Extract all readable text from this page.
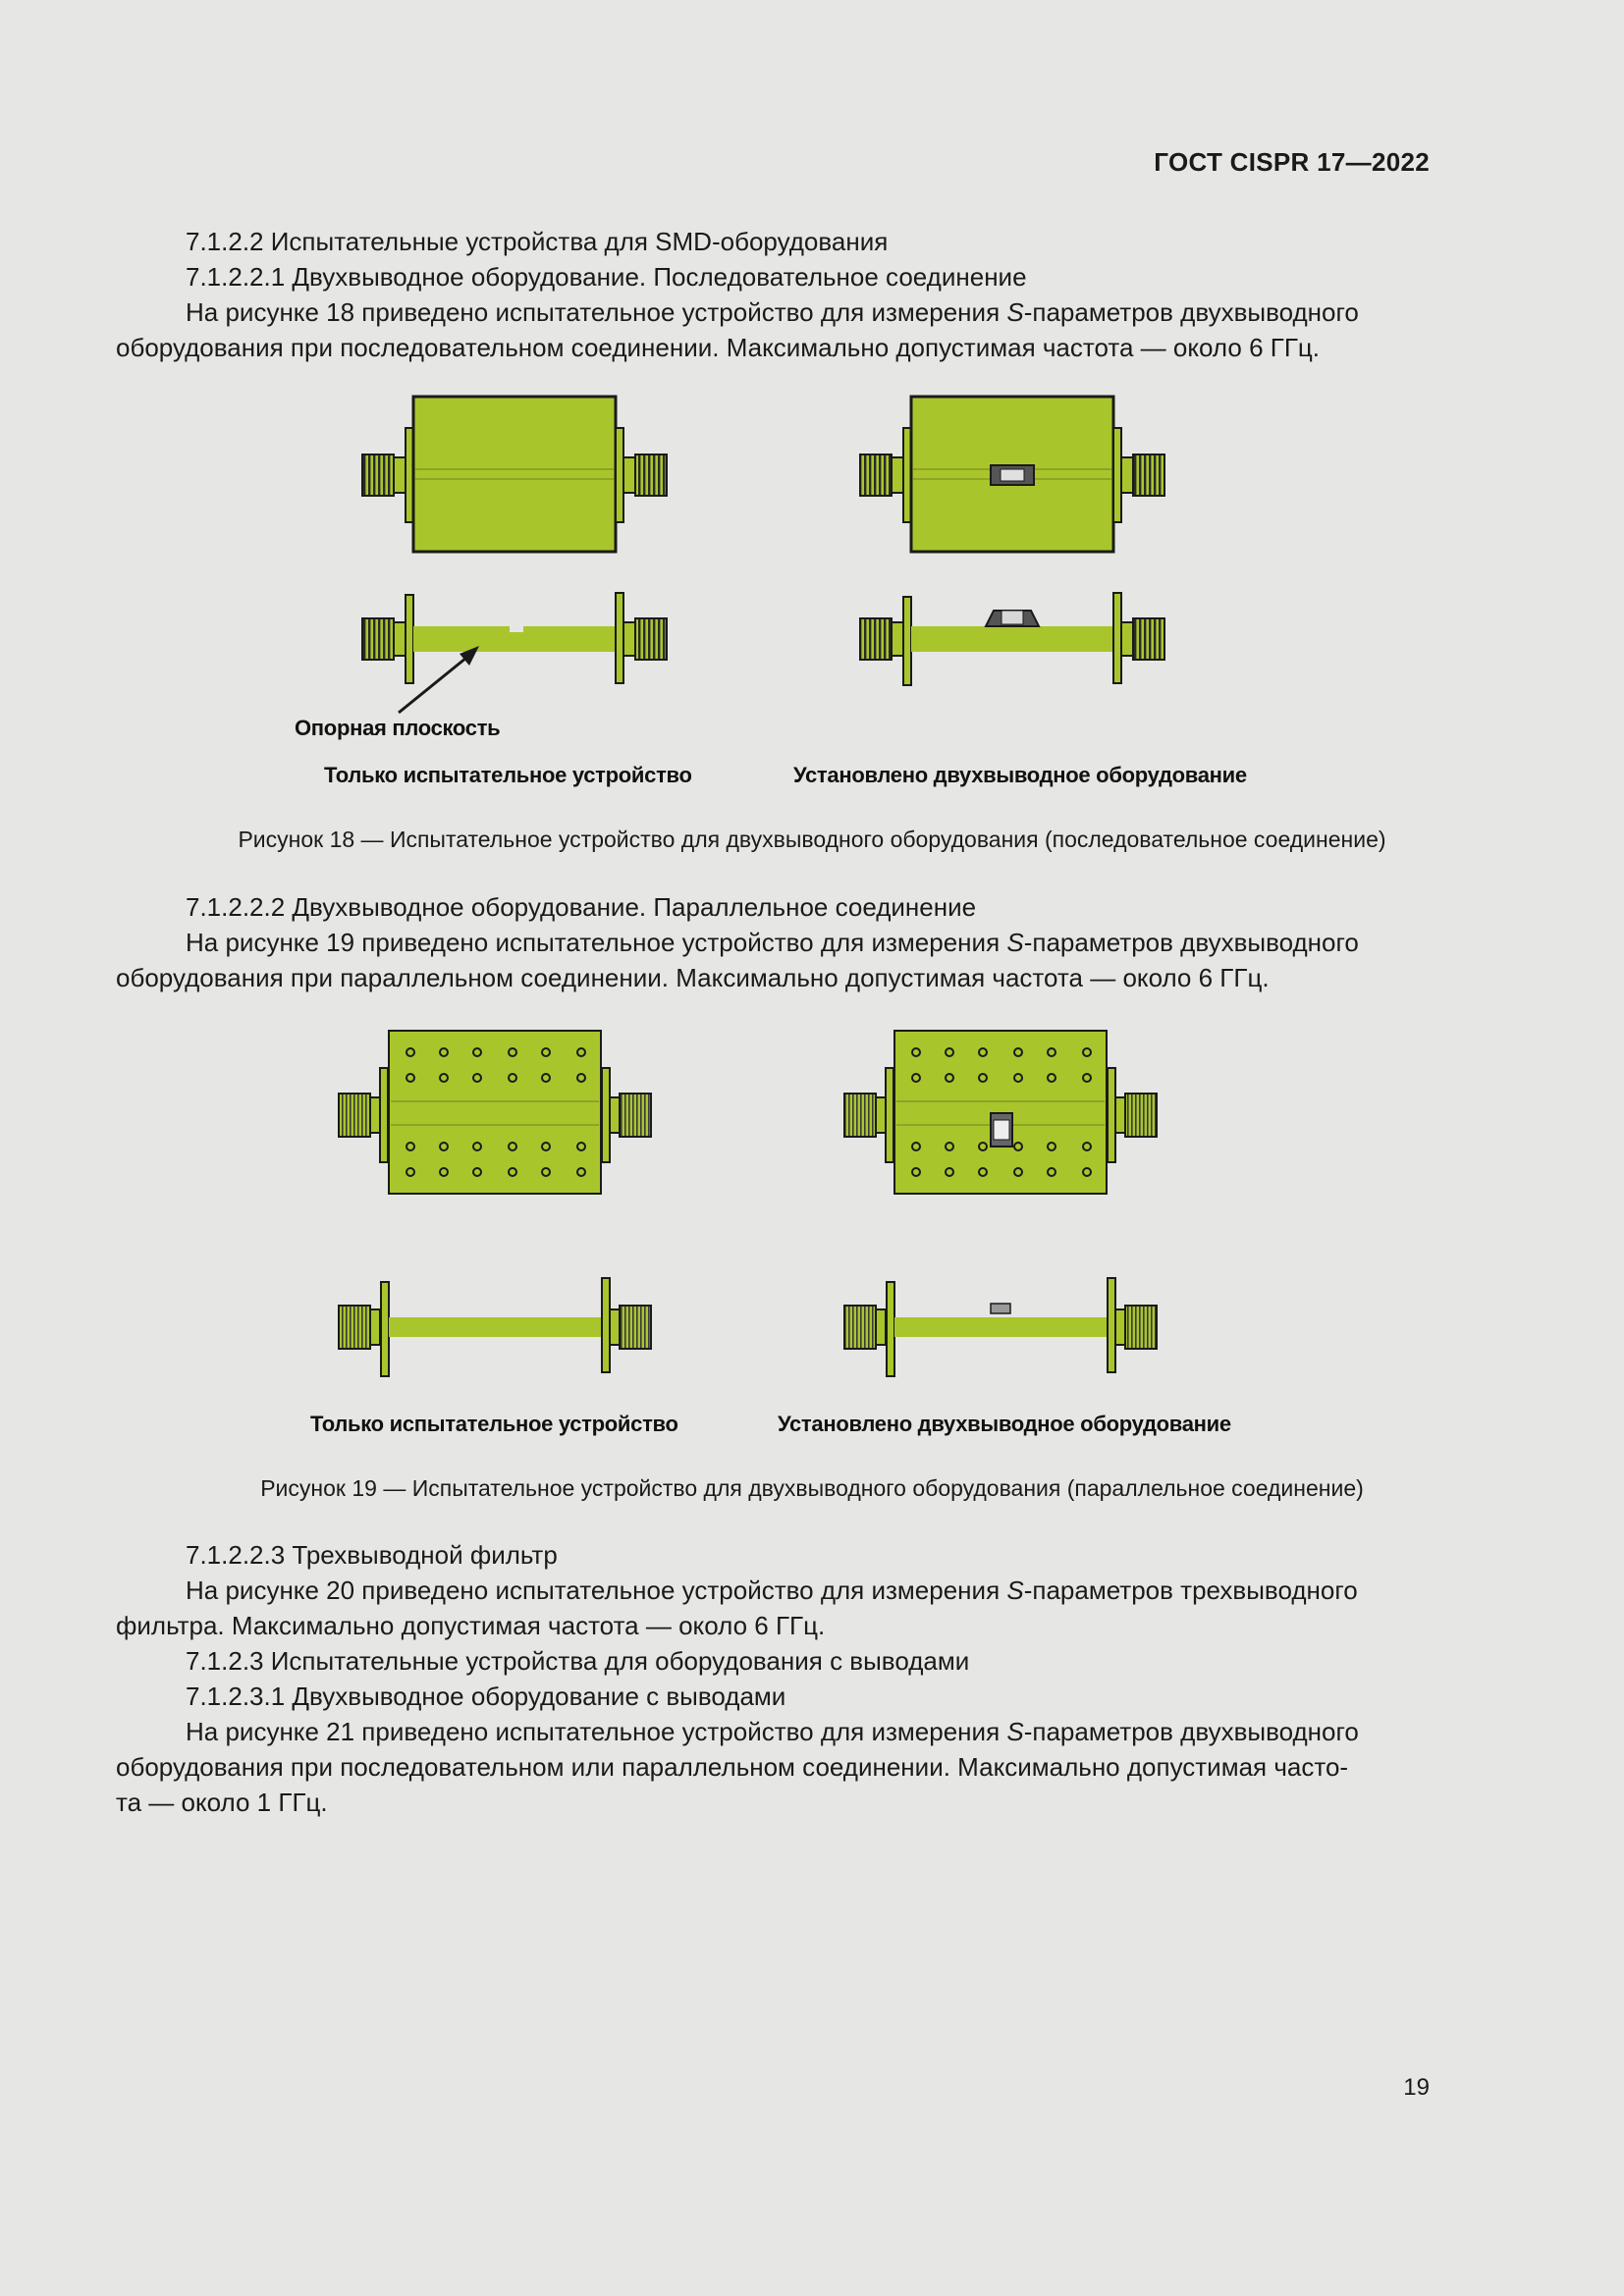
ГОСТ CISPR 17—2022

7.1.2.2 Испытательные устройства для SMD-оборудования

7.1.2.2.1 Двухвыводное оборудование. Последовательное соединение

На рисунке 18 приведено испытательное устройство для измерения S-параметров двухвыводного

оборудования при последовательном соединении. Максимально допустимая частота — около 6 ГГц.

Опорная плоскость
Только испытательное устройство	Установлено двухвыводное оборудование
Рисунок 18 — Испытательное устройство для двухвыводного оборудования (последовательное соединение)

7.1.2.2.2 Двухвыводное оборудование. Параллельное соединение

На рисунке 19 приведено испытательное устройство для измерения S-параметров двухвыводного

оборудования при параллельном соединении. Максимально допустимая частота — около 6 ГГц.

Только испытательное устройство	Установлено двухвыводное оборудование
Рисунок 19 — Испытательное устройство для двухвыводного оборудования (параллельное соединение)

7.1.2.2.3 Трехвыводной фильтр

На рисунке 20 приведено испытательное устройство для измерения S-параметров трехвыводного

фильтра. Максимально допустимая частота — около 6 ГГц.

7.1.2.3 Испытательные устройства для оборудования с выводами

7.1.2.3.1 Двухвыводное оборудование с выводами

На рисунке 21 приведено испытательное устройство для измерения S-параметров двухвыводного

оборудования при последовательном или параллельном соединении. Максимально допустимая часто-

та — около 1 ГГц.

19
